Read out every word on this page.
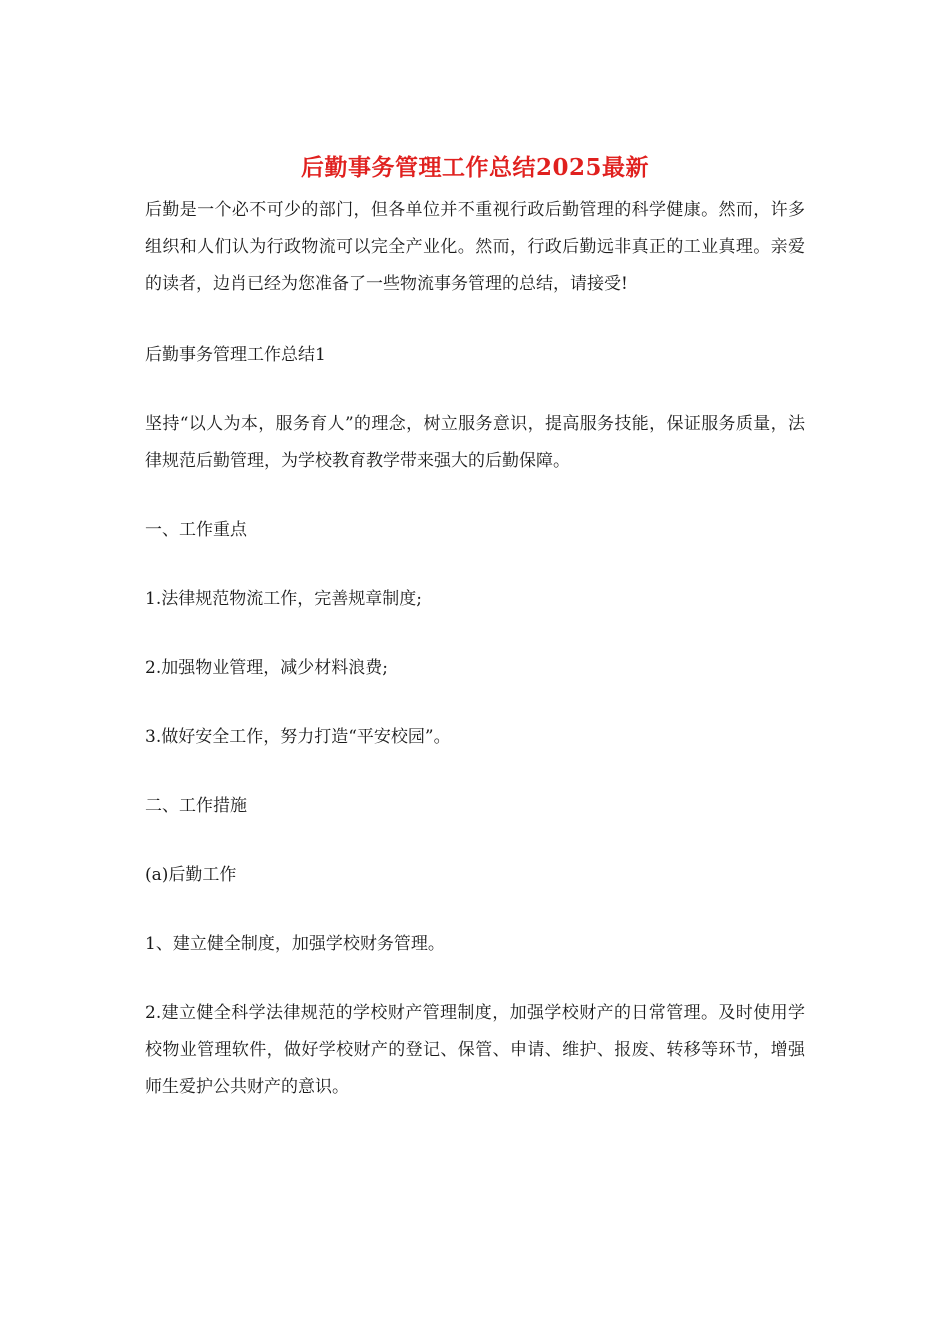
后勤事务管理工作总结2025最新

后勤是一个必不可少的部门，但各单位并不重视行政后勤管理的科学健康。然而，许多组织和人们认为行政物流可以完全产业化。然而，行政后勤远非真正的工业真理。亲爱的读者，边肖已经为您准备了一些物流事务管理的总结，请接受!

后勤事务管理工作总结1

坚持“以人为本，服务育人”的理念，树立服务意识，提高服务技能，保证服务质量，法律规范后勤管理，为学校教育教学带来强大的后勤保障。

一、工作重点

1.法律规范物流工作，完善规章制度;

2.加强物业管理，减少材料浪费;

3.做好安全工作，努力打造“平安校园”。

二、工作措施

(a)后勤工作

1、建立健全制度，加强学校财务管理。

2.建立健全科学法律规范的学校财产管理制度，加强学校财产的日常管理。及时使用学校物业管理软件，做好学校财产的登记、保管、申请、维护、报废、转移等环节，增强师生爱护公共财产的意识。
